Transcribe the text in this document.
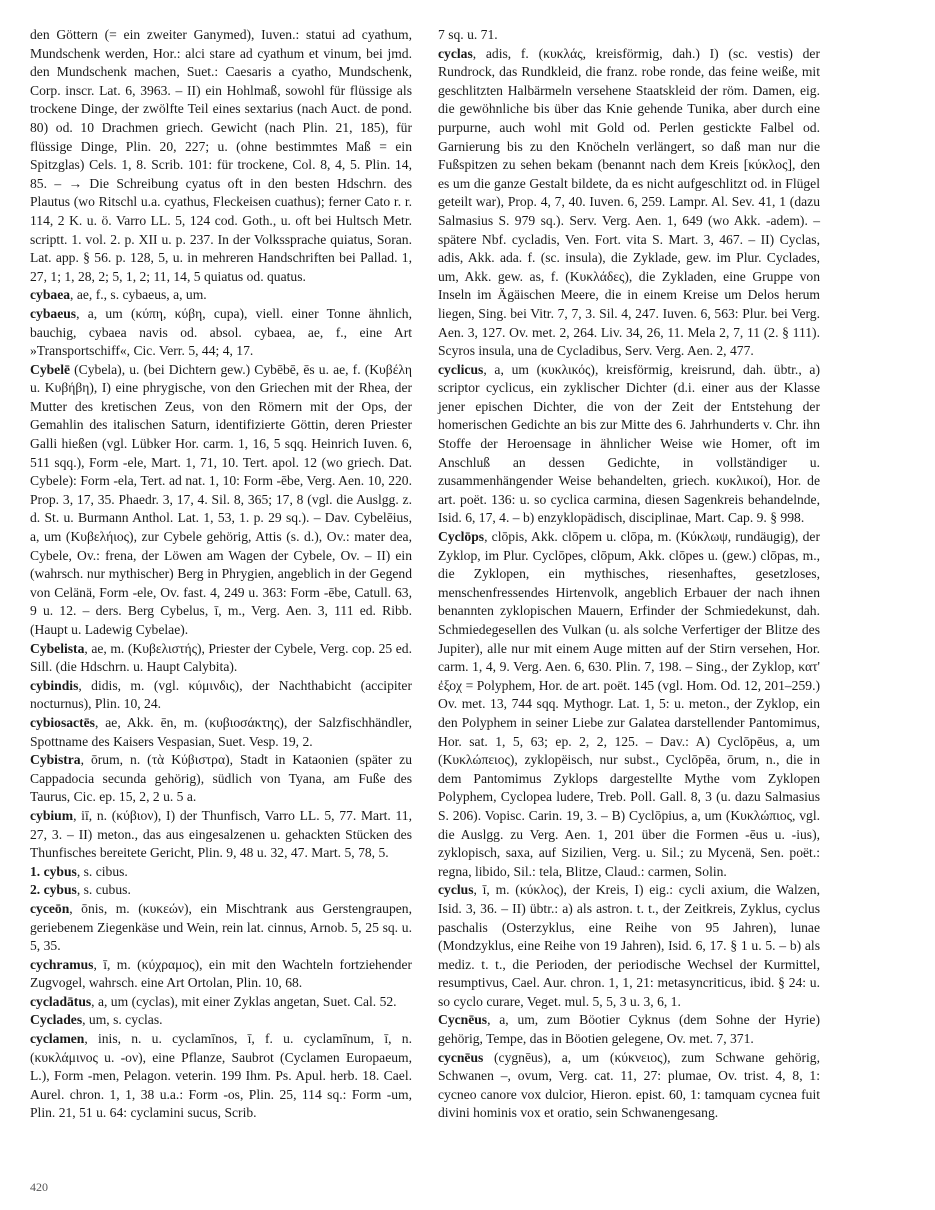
den Göttern (= ein zweiter Ganymed), Iuven.: statui ad cyathum, Mundschenk werden, Hor.: alci stare ad cyathum et vinum, bei jmd. den Mundschenk machen, Suet.: Caesaris a cyatho, Mundschenk, Corp. inscr. Lat. 6, 3963. – II) ein Hohlmaß, sowohl für flüssige als trockene Dinge, der zwölfte Teil eines sextarius (nach Auct. de pond. 80) od. 10 Drachmen griech. Gewicht (nach Plin. 21, 185), für flüssige Dinge, Plin. 20, 227; u. (ohne bestimmtes Maß = ein Spitzglas) Cels. 1, 8. Scrib. 101: für trockene, Col. 8, 4, 5. Plin. 14, 85. – → Die Schreibung cyatus oft in den besten Hdschrn. des Plautus (wo Ritschl u.a. cyathus, Fleckeisen cuathus); ferner Cato r. r. 114, 2 K. u. ö. Varro LL. 5, 124 cod. Goth., u. oft bei Hultsch Metr. scriptt. 1. vol. 2. p. XII u. p. 237. In der Volkssprache quiatus, Soran. Lat. app. § 56. p. 128, 5, u. in mehreren Handschriften bei Pallad. 1, 27, 1; 1, 28, 2; 5, 1, 2; 11, 14, 5 quiatus od. quatus.

cybaea, ae, f., s. cybaeus, a, um.

cybaeus, a, um (κύπη, κύβη, cupa), viell. einer Tonne ähnlich, bauchig, cybaea navis od. absol. cybaea, ae, f., eine Art »Transportschiff«, Cic. Verr. 5, 44; 4, 17.

Cybelē (Cybela), u. (bei Dichtern gew.) Cybēbē, ēs u. ae, f. (Κυβέλη u. Κυβήβη), I) eine phrygische, von den Griechen mit der Rhea, der Mutter des kretischen Zeus, von den Römern mit der Ops, der Gemahlin des italischen Saturn, identifizierte Göttin, deren Priester Galli hießen (vgl. Lübker Hor. carm. 1, 16, 5 sqq. Heinrich Iuven. 6, 511 sqq.), Form -ele, Mart. 1, 71, 10. Tert. apol. 12 (wo griech. Dat. Cybele): Form -ela, Tert. ad nat. 1, 10: Form -ēbe, Verg. Aen. 10, 220. Prop. 3, 17, 35. Phaedr. 3, 17, 4. Sil. 8, 365; 17, 8 (vgl. die Auslgg. z. d. St. u. Burmann Anthol. Lat. 1, 53, 1. p. 29 sq.). – Dav. Cybelēius, a, um (Κυβελήιος), zur Cybele gehörig, Attis (s. d.), Ov.: mater dea, Cybele, Ov.: frena, der Löwen am Wagen der Cybele, Ov. – II) ein (wahrsch. nur mythischer) Berg in Phrygien, angeblich in der Gegend von Celänä, Form -ele, Ov. fast. 4, 249 u. 363: Form -ēbe, Catull. 63, 9 u. 12. – ders. Berg Cybelus, ī, m., Verg. Aen. 3, 111 ed. Ribb. (Haupt u. Ladewig Cybelae).

Cybelista, ae, m. (Κυβελιστής), Priester der Cybele, Verg. cop. 25 ed. Sill. (die Hdschrn. u. Haupt Calybita).

cybindis, didis, m. (vgl. κύμινδις), der Nachthabicht (accipiter nocturnus), Plin. 10, 24.

cybiosactēs, ae, Akk. ēn, m. (κυβιοσάκτης), der Salzfischhändler, Spottname des Kaisers Vespasian, Suet. Vesp. 19, 2.

Cybistra, ōrum, n. (τὰ Κύβιστρα), Stadt in Kataonien (später zu Cappadocia secunda gehörig), südlich von Tyana, am Fuße des Taurus, Cic. ep. 15, 2, 2 u. 5 a.

cybium, iī, n. (κύβιον), I) der Thunfisch, Varro LL. 5, 77. Mart. 11, 27, 3. – II) meton., das aus eingesalzenen u. gehackten Stücken des Thunfisches bereitete Gericht, Plin. 9, 48 u. 32, 47. Mart. 5, 78, 5.

1. cybus, s. cibus.

2. cybus, s. cubus.

cyceōn, ōnis, m. (κυκεών), ein Mischtrank aus Gerstengraupen, geriebenem Ziegenkäse und Wein, rein lat. cinnus, Arnob. 5, 25 sq. u. 5, 35.

cychramus, ī, m. (κύχραμος), ein mit den Wachteln fortziehender Zugvogel, wahrsch. eine Art Ortolan, Plin. 10, 68.

cycladātus, a, um (cyclas), mit einer Zyklas angetan, Suet. Cal. 52.

Cyclades, um, s. cyclas.

cyclamen, inis, n. u. cyclamīnos, ī, f. u. cyclamīnum, ī, n. (κυκλάμινος u. -ον), eine Pflanze, Saubrot (Cyclamen Europaeum, L.), Form -men, Pelagon. veterin. 199 Ihm. Ps. Apul. herb. 18. Cael. Aurel. chron. 1, 1, 38 u.a.: Form -os, Plin. 25, 114 sq.: Form -um, Plin. 21, 51 u. 64: cyclamini sucus, Scrib.

7 sq. u. 71.

cyclas, adis, f. (κυκλάς, kreisförmig, dah.) I) (sc. vestis) der Rundrock, das Rundkleid, die franz. robe ronde, das feine weiße, mit geschlitzten Halbärmeln versehene Staatskleid der röm. Damen, eig. die gewöhnliche bis über das Knie gehende Tunika, aber durch eine purpurne, auch wohl mit Gold od. Perlen gestickte Falbel od. Garnierung bis zu den Knöcheln verlängert, so daß man nur die Fußspitzen zu sehen bekam (benannt nach dem Kreis [κύκλος], den es um die ganze Gestalt bildete, da es nicht aufgeschlitzt od. in Flügel geteilt war), Prop. 4, 7, 40. Iuven. 6, 259. Lampr. Al. Sev. 41, 1 (dazu Salmasius S. 979 sq.). Serv. Verg. Aen. 1, 649 (wo Akk. -adem). – spätere Nbf. cycladis, Ven. Fort. vita S. Mart. 3, 467. – II) Cyclas, adis, Akk. ada. f. (sc. insula), die Zyklade, gew. im Plur. Cyclades, um, Akk. gew. as, f. (Κυκλάδες), die Zykladen, eine Gruppe von Inseln im Ägäischen Meere, die in einem Kreise um Delos herum liegen, Sing. bei Vitr. 7, 7, 3. Sil. 4, 247. Iuven. 6, 563: Plur. bei Verg. Aen. 3, 127. Ov. met. 2, 264. Liv. 34, 26, 11. Mela 2, 7, 11 (2. § 111). Scyros insula, una de Cycladibus, Serv. Verg. Aen. 2, 477.

cyclicus, a, um (κυκλικός), kreisförmig, kreisrund, dah. übtr., a) scriptor cyclicus, ein zyklischer Dichter (d.i. einer aus der Klasse jener epischen Dichter, die von der Zeit der Entstehung der homerischen Gedichte an bis zur Mitte des 6. Jahrhunderts v. Chr. ihn Stoffe der Heroensage in ähnlicher Weise wie Homer, oft im Anschluß an dessen Gedichte, in vollständiger u. zusammenhängender Weise behandelten, griech. κυκλικοί), Hor. de art. poët. 136: u. so cyclica carmina, diesen Sagenkreis behandelnde, Isid. 6, 17, 4. – b) enzyklopädisch, disciplinae, Mart. Cap. 9. § 998.

Cyclōps, clōpis, Akk. clōpem u. clōpa, m. (Κύκλωψ, rundäugig), der Zyklop, im Plur. Cyclōpes, clōpum, Akk. clōpes u. (gew.) clōpas, m., die Zyklopen, ein mythisches, riesenhaftes, gesetzloses, menschenfressendes Hirtenvolk, angeblich Erbauer der nach ihnen benannten zyklopischen Mauern, Erfinder der Schmiedekunst, dah. Schmiedegesellen des Vulkan (u. als solche Verfertiger der Blitze des Jupiter), alle nur mit einem Auge mitten auf der Stirn versehen, Hor. carm. 1, 4, 9. Verg. Aen. 6, 630. Plin. 7, 198. – Sing., der Zyklop, κατ' ἐξοχ = Polyphem, Hor. de art. poët. 145 (vgl. Hom. Od. 12, 201–259.) Ov. met. 13, 744 sqq. Mythogr. Lat. 1, 5: u. meton., der Zyklop, ein den Polyphem in seiner Liebe zur Galatea darstellender Pantomimus, Hor. sat. 1, 5, 63; ep. 2, 2, 125. – Dav.: A) Cyclōpēus, a, um (Κυκλώπειος), zyklopëisch, nur subst., Cyclōpēa, ōrum, n., die in dem Pantomimus Zyklops dargestellte Mythe vom Zyklopen Polyphem, Cyclopea ludere, Treb. Poll. Gall. 8, 3 (u. dazu Salmasius S. 206). Vopisc. Carin. 19, 3. – B) Cyclōpius, a, um (Κυκλώπιος, vgl. die Auslgg. zu Verg. Aen. 1, 201 über die Formen -ēus u. -ius), zyklopisch, saxa, auf Sizilien, Verg. u. Sil.; zu Mycenä, Sen. poët.: regna, libido, Sil.: tela, Blitze, Claud.: carmen, Solin.

cyclus, ī, m. (κύκλος), der Kreis, I) eig.: cycli axium, die Walzen, Isid. 3, 36. – II) übtr.: a) als astron. t. t., der Zeitkreis, Zyklus, cyclus paschalis (Osterzyklus, eine Reihe von 95 Jahren), lunae (Mondzyklus, eine Reihe von 19 Jahren), Isid. 6, 17. § 1 u. 5. – b) als mediz. t. t., die Perioden, der periodische Wechsel der Kurmittel, resumptivus, Cael. Aur. chron. 1, 1, 21: metasyncriticus, ibid. § 24: u. so cyclo curare, Veget. mul. 5, 5, 3 u. 3, 6, 1.

Cycnēus, a, um, zum Böotier Cyknus (dem Sohne der Hyrie) gehörig, Tempe, das in Böotien gelegene, Ov. met. 7, 371.

cycnēus (cygnēus), a, um (κύκνειος), zum Schwane gehörig, Schwanen –, ovum, Verg. cat. 11, 27: plumae, Ov. trist. 4, 8, 1: cycneo canore vox dulcior, Hieron. epist. 60, 1: tamquam cycnea fuit divini hominis vox et oratio, sein Schwanengesang.

420
